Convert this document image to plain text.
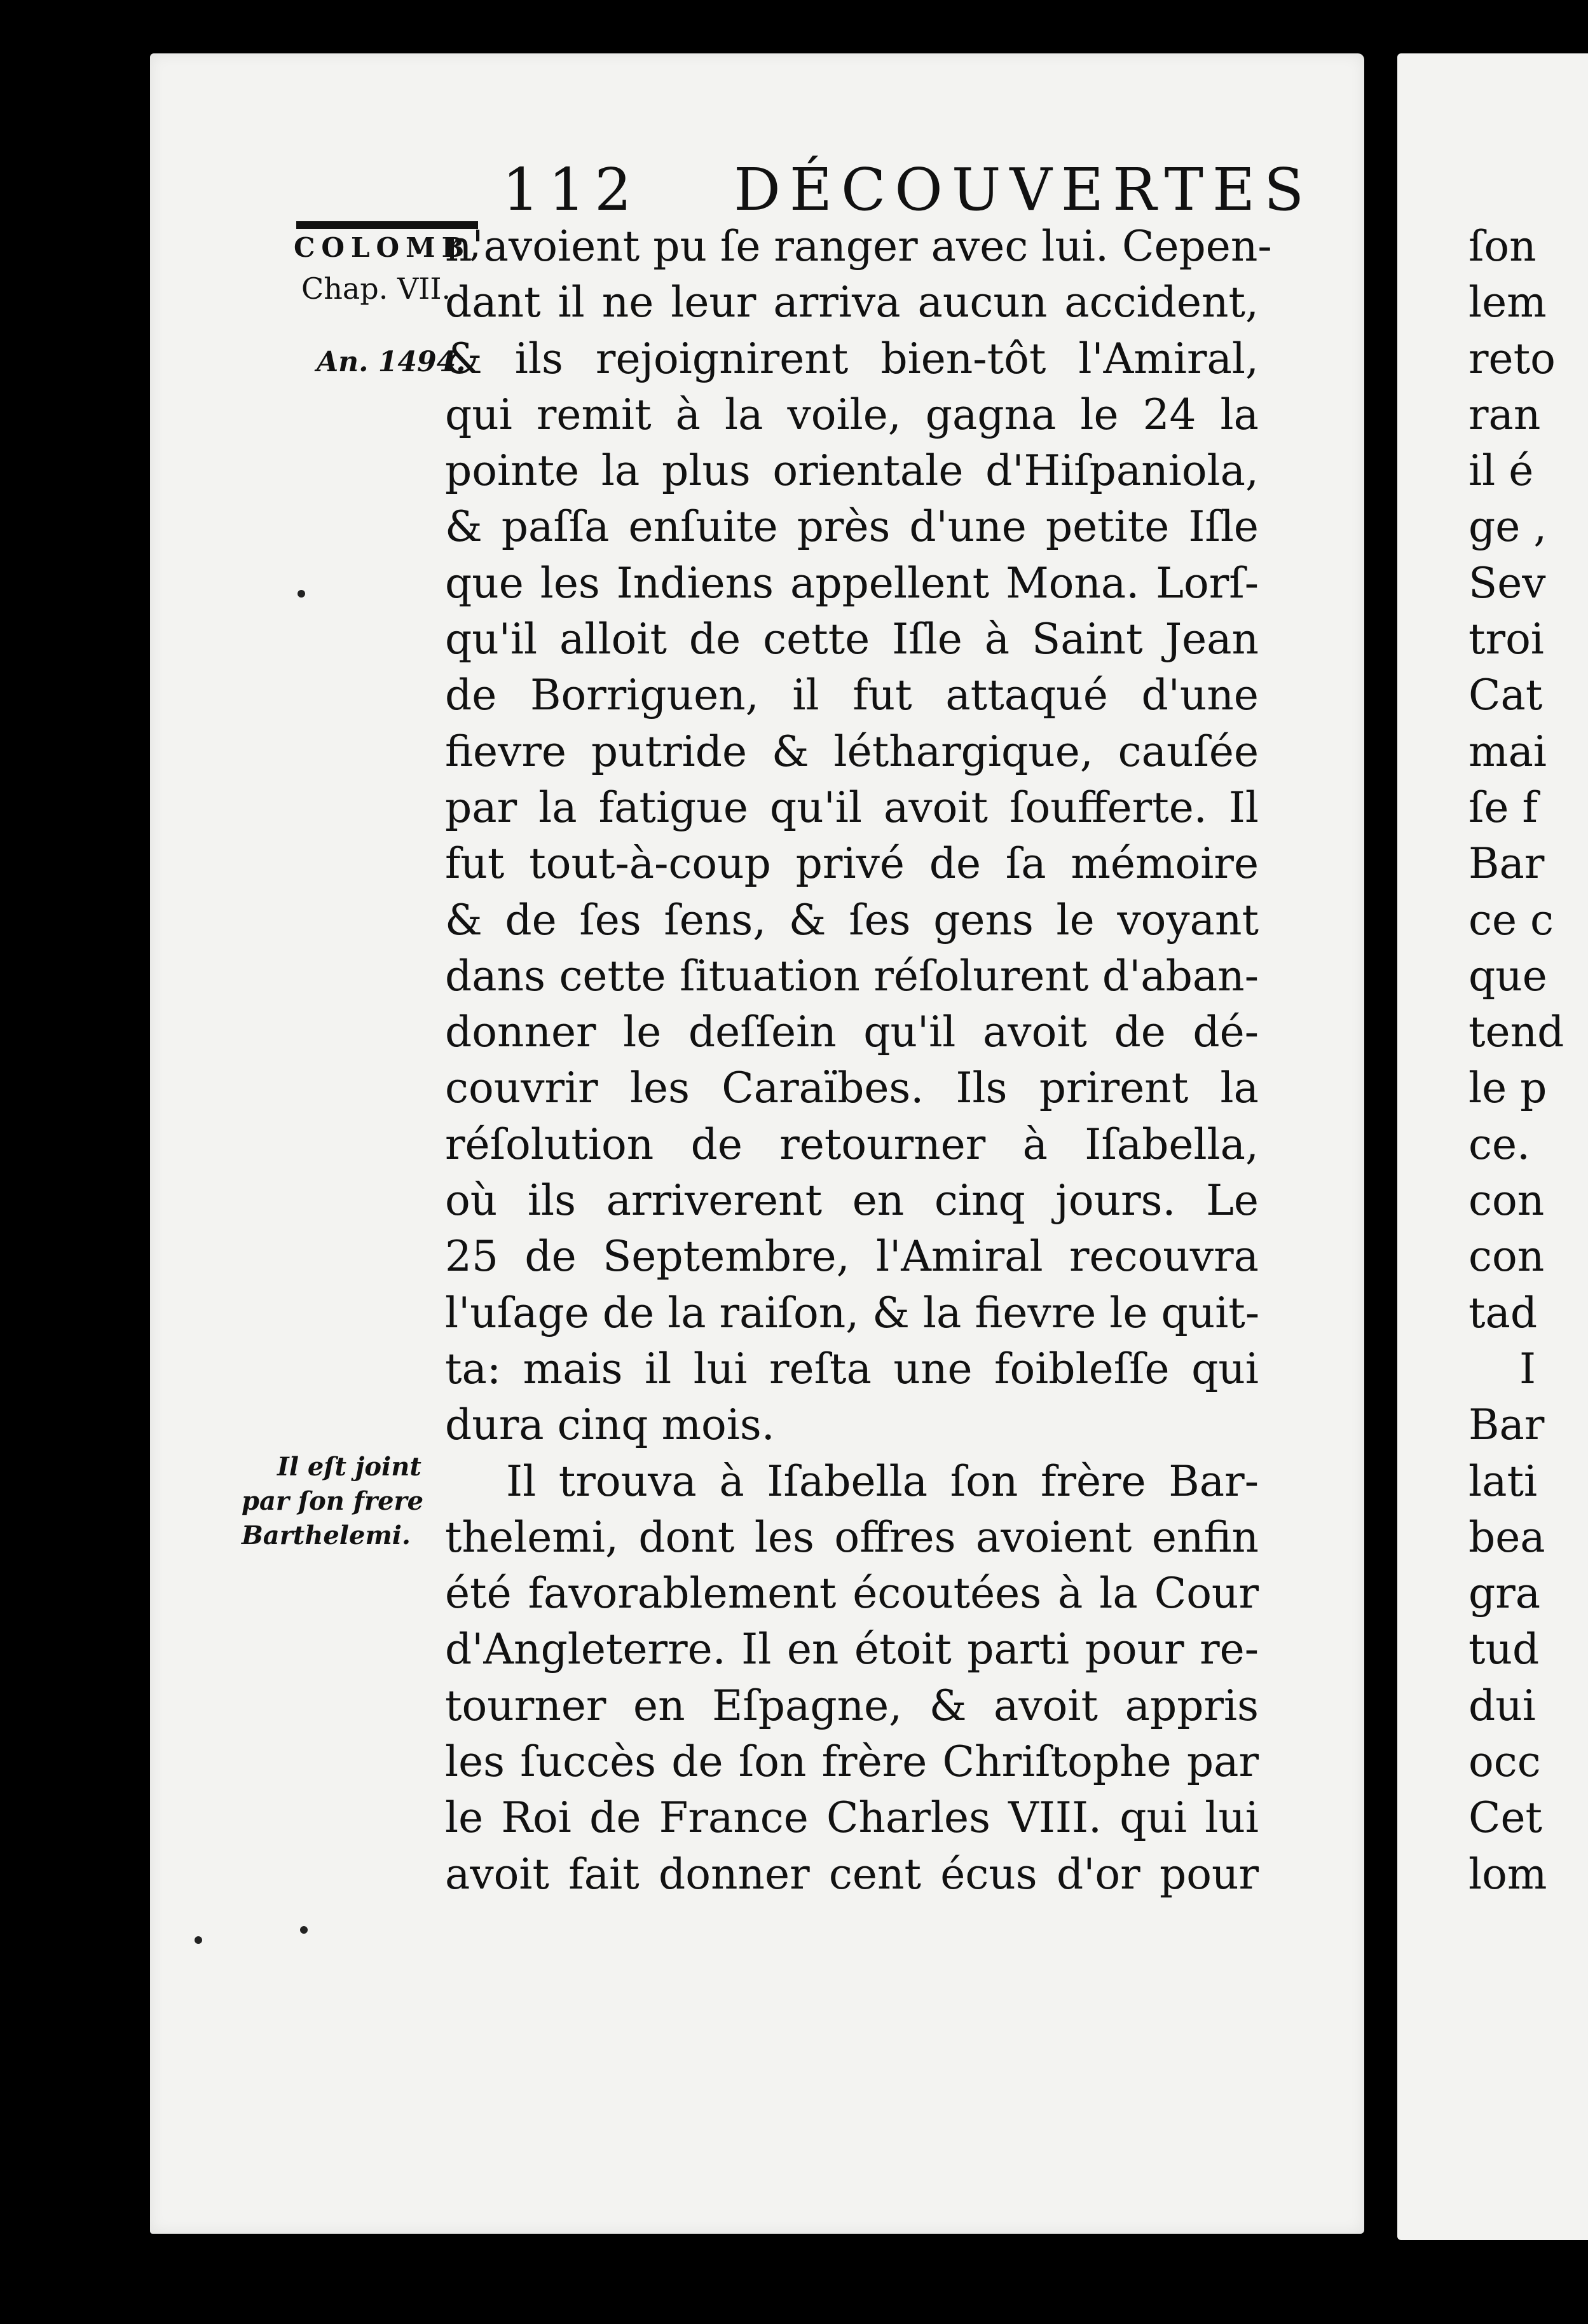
112 DÉCOUVERTES
COLOMB,
Chap. VII.
An. 1494.
Il eſt joint
par ſon frere
Barthelemi.
n'avoient pu ſe ranger avec lui. Cepen-
dant il ne leur arriva aucun accident,
& ils rejoignirent bien-tôt l'Amiral,
qui remit à la voile, gagna le 24 la
pointe la plus orientale d'Hiſpaniola,
& paſſa enſuite près d'une petite Iſle
que les Indiens appellent Mona. Lorſ-
qu'il alloit de cette Iſle à Saint Jean
de Borriguen, il fut attaqué d'une
fievre putride & léthargique, cauſée
par la fatigue qu'il avoit ſoufferte. Il
fut tout-à-coup privé de ſa mémoire
& de ſes ſens, & ſes gens le voyant
dans cette ſituation réſolurent d'aban-
donner le deſſein qu'il avoit de dé-
couvrir les Caraïbes. Ils prirent la
réſolution de retourner à Iſabella,
où ils arriverent en cinq jours. Le
25 de Septembre, l'Amiral recouvra
l'uſage de la raiſon, & la fievre le quit-
ta: mais il lui reſta une foibleſſe qui
dura cinq mois.
Il trouva à Iſabella ſon frère Bar-
thelemi, dont les offres avoient enfin
été favorablement écoutées à la Cour
d'Angleterre. Il en étoit parti pour re-
tourner en Eſpagne, & avoit appris
les ſuccès de ſon frère Chriſtophe par
le Roi de France Charles VIII. qui lui
avoit fait donner cent écus d'or pour
ſon
lem
reto
ran
il é
ge ,
Sev
troi
Cat
mai
ſe f
Bar
ce c
que
tend
le p
ce.
con
con
tad
I
Bar
lati
bea
gra
tud
dui
occ
Cet
lom
